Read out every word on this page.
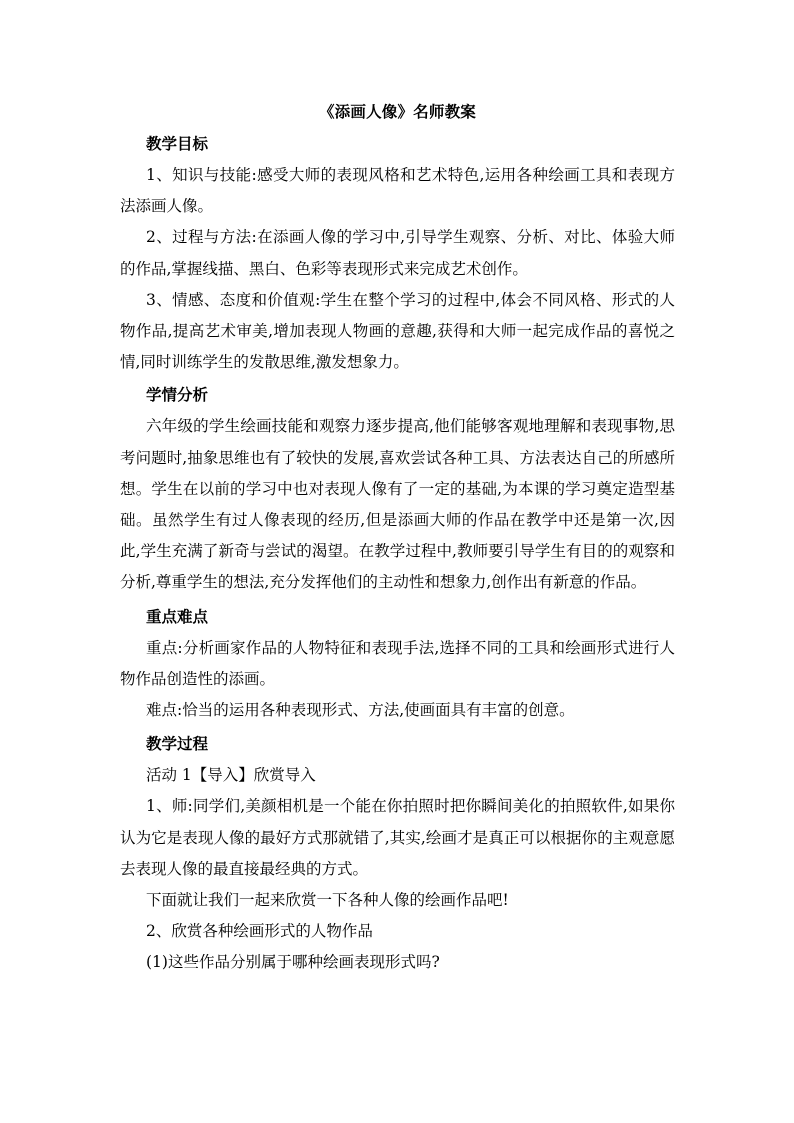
《添画人像》名师教案
教学目标

1、知识与技能:感受大师的表现风格和艺术特色,运用各种绘画工具和表现方法添画人像。

2、过程与方法:在添画人像的学习中,引导学生观察、分析、对比、体验大师的作品,掌握线描、黑白、色彩等表现形式来完成艺术创作。

3、情感、态度和价值观:学生在整个学习的过程中,体会不同风格、形式的人物作品,提高艺术审美,增加表现人物画的意趣,获得和大师一起完成作品的喜悦之情,同时训练学生的发散思维,激发想象力。

学情分析

六年级的学生绘画技能和观察力逐步提高,他们能够客观地理解和表现事物,思考问题时,抽象思维也有了较快的发展,喜欢尝试各种工具、方法表达自己的所感所想。学生在以前的学习中也对表现人像有了一定的基础,为本课的学习奠定造型基础。虽然学生有过人像表现的经历,但是添画大师的作品在教学中还是第一次,因此,学生充满了新奇与尝试的渴望。在教学过程中,教师要引导学生有目的的观察和分析,尊重学生的想法,充分发挥他们的主动性和想象力,创作出有新意的作品。

重点难点

重点:分析画家作品的人物特征和表现手法,选择不同的工具和绘画形式进行人物作品创造性的添画。

难点:恰当的运用各种表现形式、方法,使画面具有丰富的创意。

教学过程

活动 1【导入】欣赏导入

1、师:同学们,美颜相机是一个能在你拍照时把你瞬间美化的拍照软件,如果你认为它是表现人像的最好方式那就错了,其实,绘画才是真正可以根据你的主观意愿去表现人像的最直接最经典的方式。

下面就让我们一起来欣赏一下各种人像的绘画作品吧!

2、欣赏各种绘画形式的人物作品

(1)这些作品分别属于哪种绘画表现形式吗?
